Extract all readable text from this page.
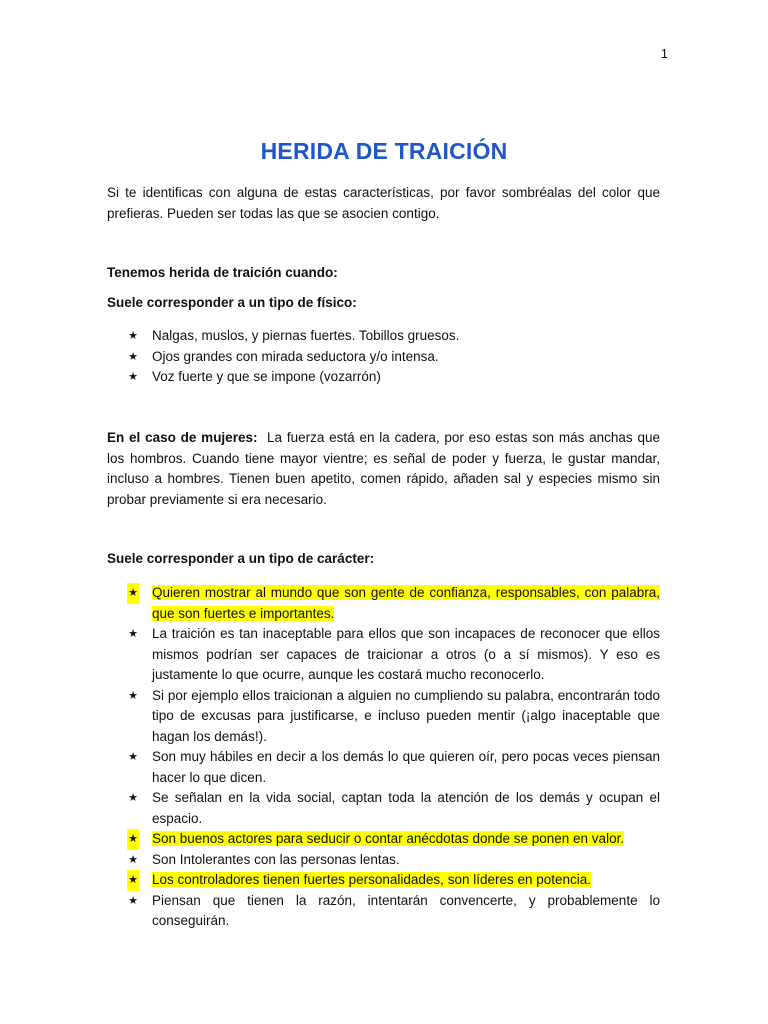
1
HERIDA DE TRAICIÓN
Si te identificas con alguna de estas características, por favor sombréalas del color que prefieras. Pueden ser todas las que se asocien contigo.
Tenemos herida de traición cuando:
Suele corresponder a un tipo de físico:
★ Nalgas, muslos, y piernas fuertes. Tobillos gruesos.
★ Ojos grandes con mirada seductora y/o intensa.
★ Voz fuerte y que se impone (vozarrón)
En el caso de mujeres: La fuerza está en la cadera, por eso estas son más anchas que los hombros. Cuando tiene mayor vientre; es señal de poder y fuerza, le gustar mandar, incluso a hombres. Tienen buen apetito, comen rápido, añaden sal y especies mismo sin probar previamente si era necesario.
Suele corresponder a un tipo de carácter:
★ Quieren mostrar al mundo que son gente de confianza, responsables, con palabra, que son fuertes e importantes.
★ La traición es tan inaceptable para ellos que son incapaces de reconocer que ellos mismos podrían ser capaces de traicionar a otros (o a sí mismos). Y eso es justamente lo que ocurre, aunque les costará mucho reconocerlo.
★ Si por ejemplo ellos traicionan a alguien no cumpliendo su palabra, encontrarán todo tipo de excusas para justificarse, e incluso pueden mentir (¡algo inaceptable que hagan los demás!).
★ Son muy hábiles en decir a los demás lo que quieren oír, pero pocas veces piensan hacer lo que dicen.
★ Se señalan en la vida social, captan toda la atención de los demás y ocupan el espacio.
★ Son buenos actores para seducir o contar anécdotas donde se ponen en valor.
★ Son Intolerantes con las personas lentas.
★ Los controladores tienen fuertes personalidades, son líderes en potencia.
★ Piensan que tienen la razón, intentarán convencerte, y probablemente lo conseguirán.
